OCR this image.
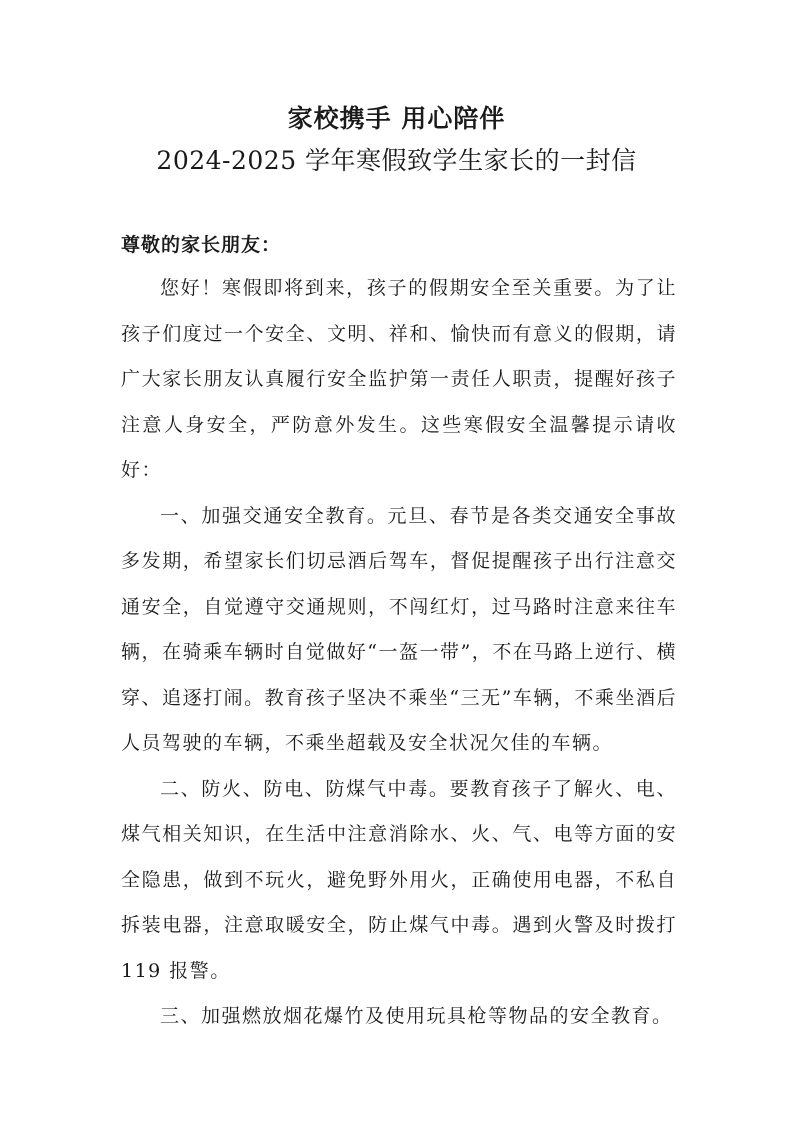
家校携手 用心陪伴
2024-2025 学年寒假致学生家长的一封信
尊敬的家长朋友：

您好！寒假即将到来，孩子的假期安全至关重要。为了让孩子们度过一个安全、文明、祥和、愉快而有意义的假期，请广大家长朋友认真履行安全监护第一责任人职责，提醒好孩子注意人身安全，严防意外发生。这些寒假安全温馨提示请收好：

一、加强交通安全教育。元旦、春节是各类交通安全事故多发期，希望家长们切忌酒后驾车，督促提醒孩子出行注意交通安全，自觉遵守交通规则，不闯红灯，过马路时注意来往车辆，在骑乘车辆时自觉做好“一盔一带”，不在马路上逆行、横穿、追逐打闹。教育孩子坚决不乘坐“三无”车辆，不乘坐酒后人员驾驶的车辆，不乘坐超载及安全状况欠佳的车辆。

二、防火、防电、防煤气中毒。要教育孩子了解火、电、煤气相关知识，在生活中注意消除水、火、气、电等方面的安全隐患，做到不玩火，避免野外用火，正确使用电器，不私自拆装电器，注意取暖安全，防止煤气中毒。遇到火警及时拨打 119 报警。

三、加强燃放烟花爆竹及使用玩具枪等物品的安全教育。
